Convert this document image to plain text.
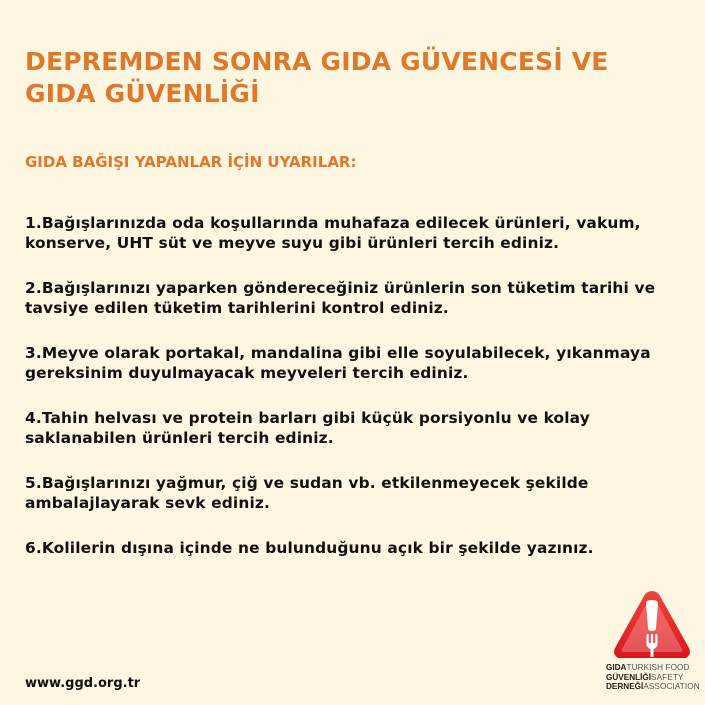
DEPREMDEN SONRA GIDA GÜVENCESİ VE GIDA GÜVENLİĞİ
GIDA BAĞIŞI YAPANLAR İÇİN UYARILAR:
1.Bağışlarınızda oda koşullarında muhafaza edilecek ürünleri, vakum, konserve, UHT süt ve meyve suyu gibi ürünleri tercih ediniz.
2.Bağışlarınızı yaparken göndereceğiniz ürünlerin son tüketim tarihi ve tavsiye edilen tüketim tarihlerini kontrol ediniz.
3.Meyve olarak portakal, mandalina gibi elle soyulabilecek, yıkanmaya gereksinim duyulmayacak meyveleri tercih ediniz.
4.Tahin helvası ve protein barları gibi küçük porsiyonlu ve kolay saklanabilen ürünleri tercih ediniz.
5.Bağışlarınızı yağmur, çiğ ve sudan vb. etkilenmeyecek şekilde ambalajlayarak sevk ediniz.
6.Kolilerin dışına içinde ne bulunduğunu açık bir şekilde yazınız.
www.ggd.org.tr
GIDATURKISH FOOD
GÜVENLİĞİSAFETY
DERNEĞİASSOCIATION
